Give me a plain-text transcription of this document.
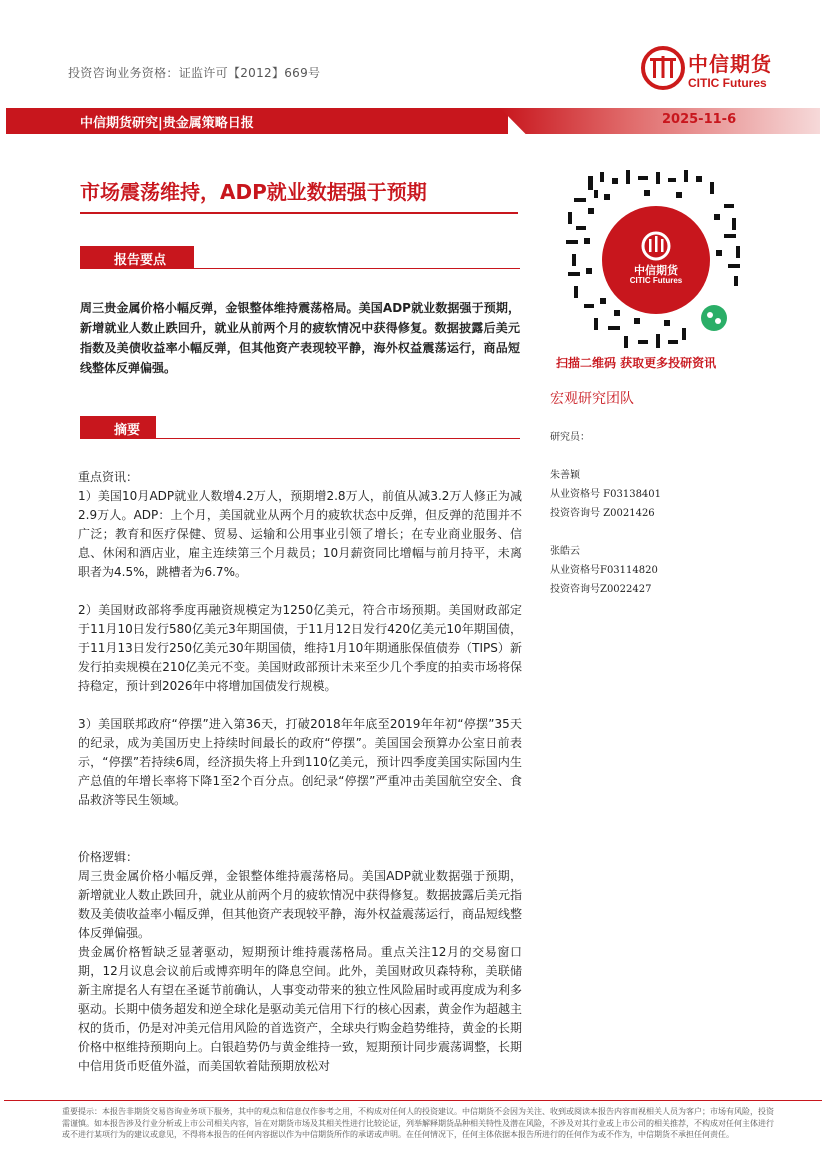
投资咨询业务资格：证监许可【2012】669号	中信期货
CITIC Futures
中信期货研究|贵金属策略日报	2025-11-6
市场震荡维持，ADP就业数据强于预期
报告要点
周三贵金属价格小幅反弹，金银整体维持震荡格局。美国ADP就业数据强于预期，新增就业人数止跌回升，就业从前两个月的疲软情况中获得修复。数据披露后美元指数及美债收益率小幅反弹，但其他资产表现较平静，海外权益震荡运行，商品短线整体反弹偏强。
摘要
重点资讯：
1）美国10月ADP就业人数增4.2万人，预期增2.8万人，前值从减3.2万人修正为减2.9万人。ADP：上个月，美国就业从两个月的疲软状态中反弹，但反弹的范围并不广泛；教育和医疗保健、贸易、运输和公用事业引领了增长；在专业商业服务、信息、休闲和酒店业，雇主连续第三个月裁员；10月薪资同比增幅与前月持平，未离职者为4.5%，跳槽者为6.7%。
2）美国财政部将季度再融资规模定为1250亿美元，符合市场预期。美国财政部定于11月10日发行580亿美元3年期国债，于11月12日发行420亿美元10年期国债，于11月13日发行250亿美元30年期国债，维持1月10年期通胀保值债券（TIPS）新发行拍卖规模在210亿美元不变。美国财政部预计未来至少几个季度的拍卖市场将保持稳定，预计到2026年中将增加国债发行规模。
3）美国联邦政府“停摆”进入第36天，打破2018年年底至2019年年初“停摆”35天的纪录，成为美国历史上持续时间最长的政府“停摆”。美国国会预算办公室日前表示，“停摆”若持续6周，经济损失将上升到110亿美元，预计四季度美国实际国内生产总值的年增长率将下降1至2个百分点。创纪录“停摆”严重冲击美国航空安全、食品救济等民生领域。
价格逻辑：
周三贵金属价格小幅反弹，金银整体维持震荡格局。美国ADP就业数据强于预期，新增就业人数止跌回升，就业从前两个月的疲软情况中获得修复。数据披露后美元指数及美债收益率小幅反弹，但其他资产表现较平静，海外权益震荡运行，商品短线整体反弹偏强。
贵金属价格暂缺乏显著驱动，短期预计维持震荡格局。重点关注12月的交易窗口期，12月议息会议前后或博弈明年的降息空间。此外，美国财政贝森特称，美联储新主席提名人有望在圣诞节前确认，人事变动带来的独立性风险届时或再度成为利多驱动。长期中债务超发和逆全球化是驱动美元信用下行的核心因素，黄金作为超越主权的货币，仍是对冲美元信用风险的首选资产，全球央行购金趋势维持，黄金的长期价格中枢维持预期向上。白银趋势仍与黄金维持一致，短期预计同步震荡调整，长期中信用货币贬值外溢，而美国软着陆预期放松对
中信期货
CITIC Futures
扫描二维码 获取更多投研资讯
宏观研究团队
研究员：
朱善颖
从业资格号 F03138401
投资咨询号 Z0021426
张皓云
从业资格号F03114820
投资咨询号Z0022427
重要提示：本报告非期货交易咨询业务项下服务，其中的观点和信息仅作参考之用，不构成对任何人的投资建议。中信期货不会因为关注、收到或阅读本报告内容而视相关人员为客户；市场有风险，投资需谨慎。如本报告涉及行业分析或上市公司相关内容，旨在对期货市场及其相关性进行比较论证，列举解释期货品种相关特性及潜在风险，不涉及对其行业或上市公司的相关推荐，不构成对任何主体进行或不进行某项行为的建议或意见，不得将本报告的任何内容据以作为中信期货所作的承诺或声明。在任何情况下，任何主体依据本报告所进行的任何作为或不作为，中信期货不承担任何责任。
